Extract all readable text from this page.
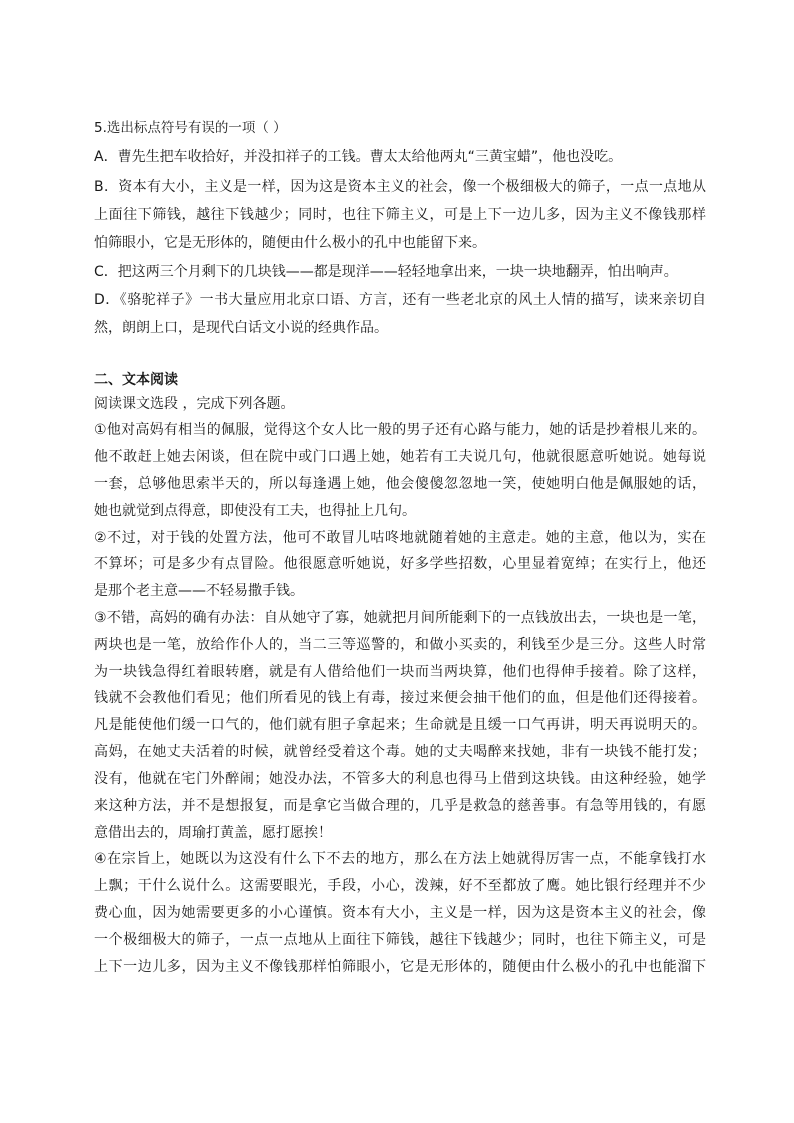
5.选出标点符号有误的一项（ ）
A．曹先生把车收拾好，并没扣祥子的工钱。曹太太给他两丸“三黄宝蜡”，他也没吃。
B．资本有大小，主义是一样，因为这是资本主义的社会，像一个极细极大的筛子，一点一点地从
上面往下筛钱，越往下钱越少；同时，也往下筛主义，可是上下一边儿多，因为主义不像钱那样
怕筛眼小，它是无形体的，随便由什么极小的孔中也能留下来。
C．把这两三个月剩下的几块钱——都是现洋——轻轻地拿出来，一块一块地翻弄，怕出响声。
D．《骆驼祥子》一书大量应用北京口语、方言，还有一些老北京的风土人情的描写，读来亲切自
然，朗朗上口，是现代白话文小说的经典作品。
二、文本阅读
阅读课文选段 ，完成下列各题。
①他对高妈有相当的佩服，觉得这个女人比一般的男子还有心路与能力，她的话是抄着根儿来的。
他不敢赶上她去闲谈，但在院中或门口遇上她，她若有工夫说几句，他就很愿意听她说。她每说
一套，总够他思索半天的，所以每逢遇上她，他会傻傻忽忽地一笑，使她明白他是佩服她的话，
她也就觉到点得意，即使没有工夫，也得扯上几句。
②不过，对于钱的处置方法，他可不敢冒儿咕咚地就随着她的主意走。她的主意，他以为，实在
不算坏；可是多少有点冒险。他很愿意听她说，好多学些招数，心里显着宽绰；在实行上，他还
是那个老主意——不轻易撒手钱。
③不错，高妈的确有办法：自从她守了寡，她就把月间所能剩下的一点钱放出去，一块也是一笔，
两块也是一笔，放给作仆人的，当二三等巡警的，和做小买卖的，利钱至少是三分。这些人时常
为一块钱急得红着眼转磨，就是有人借给他们一块而当两块算，他们也得伸手接着。除了这样，
钱就不会教他们看见；他们所看见的钱上有毒，接过来便会抽干他们的血，但是他们还得接着。
凡是能使他们缓一口气的，他们就有胆子拿起来；生命就是且缓一口气再讲，明天再说明天的。
高妈，在她丈夫活着的时候，就曾经受着这个毒。她的丈夫喝醉来找她，非有一块钱不能打发；
没有，他就在宅门外醉闹；她没办法，不管多大的利息也得马上借到这块钱。由这种经验，她学
来这种方法，并不是想报复，而是拿它当做合理的，几乎是救急的慈善事。有急等用钱的，有愿
意借出去的，周瑜打黄盖，愿打愿挨！
④在宗旨上，她既以为这没有什么下不去的地方，那么在方法上她就得厉害一点，不能拿钱打水
上飘；干什么说什么。这需要眼光，手段，小心，泼辣，好不至都放了鹰。她比银行经理并不少
费心血，因为她需要更多的小心谨慎。资本有大小，主义是一样，因为这是资本主义的社会，像
一个极细极大的筛子，一点一点地从上面往下筛钱，越往下钱越少；同时，也往下筛主义，可是
上下一边儿多，因为主义不像钱那样怕筛眼小，它是无形体的，随便由什么极小的孔中也能溜下
